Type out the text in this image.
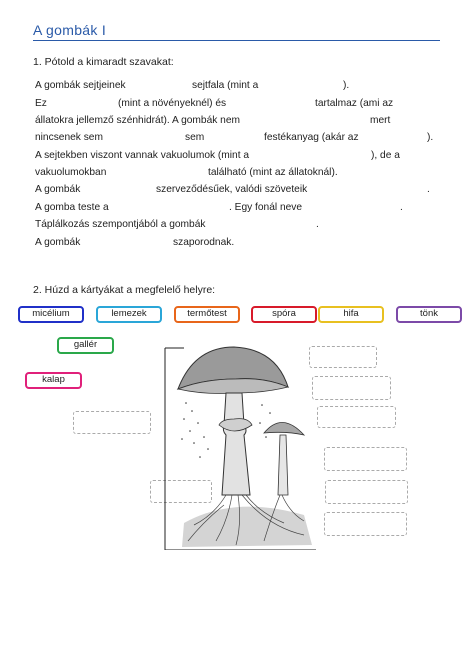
A gombák I
1. Pótold a kimaradt szavakat:
A gombák sejtjeinek	sejtfala (mint a	).
Ez	(mint a növényeknél) és	tartalmaz (ami az
állatokra jellemző szénhidrát). A gombák nem	mert
nincsenek sem	sem	festékanyag (akár az	).
A sejtekben viszont vannak vakuolumok (mint a	), de a
vakuolumokban	található (mint az állatoknál).
A gombák	szerveződésűek, valódi szöveteik	.
A gomba teste a	. Egy fonál neve	.
Táplálkozás szempontjából a gombák	.
A gombák	szaporodnak.
2. Húzd a kártyákat a megfelelő helyre:
micélium	lemezek	termőtest	spóra	hifa	tönk
gallér
kalap
